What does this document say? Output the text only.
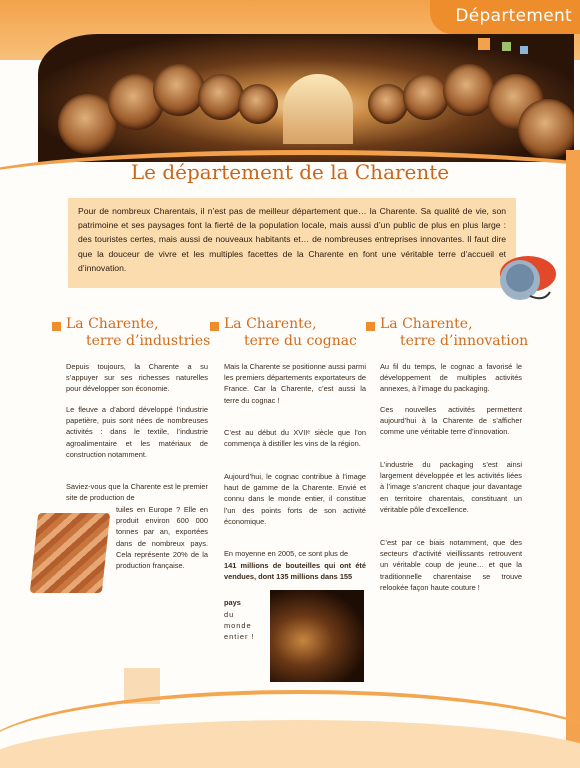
Département
Le département de la Charente
Pour de nombreux Charentais, il n’est pas de meilleur département que… la Charente. Sa qualité de vie, son patrimoine et ses paysages font la fierté de la population locale, mais aussi d’un public de plus en plus large : des touristes certes, mais aussi de nouveaux habitants et… de nombreuses entreprises innovantes. Il faut dire que la douceur de vivre et les multiples facettes de la Charente en font une véritable terre d’accueil et d’innovation.
La Charente,
terre d’industries

Depuis toujours, la Charente a su s’appuyer sur ses richesses naturelles pour développer son économie.

Le fleuve a d’abord développé l’industrie papetière, puis sont nées de nombreuses activités : dans le textile, l’industrie agroalimentaire et les matériaux de construction notamment.

Saviez-vous que la Charente est le premier site de production de

tuiles en Europe ? Elle en produit environ 600 000 tonnes par an, exportées dans de nombreux pays. Cela représente 20% de la production française.

La Charente,
terre du cognac

Mais la Charente se positionne aussi parmi les premiers départements exportateurs de France. Car la Charente, c’est aussi la terre du cognac !

C’est au début du XVIIᵉ siècle que l’on commença à distiller les vins de la région.

Aujourd’hui, le cognac contribue à l’image haut de gamme de la Charente. Envié et connu dans le monde entier, il constitue l’un des points forts de son activité économique.

En moyenne en 2005, ce sont plus de

141 millions de bouteilles qui ont été vendues, dont 135 millions dans 155

pays

du monde entier !

La Charente,
terre d’innovation

Au fil du temps, le cognac a favorisé le développement de multiples activités annexes, à l’image du packaging.

Ces nouvelles activités permettent aujourd’hui à la Charente de s’afficher comme une véritable terre d’innovation.

L’industrie du packaging s’est ainsi largement développée et les activités liées à l’image s’ancrent chaque jour davantage en territoire charentais, constituant un véritable pôle d’excellence.

C’est par ce biais notamment, que des secteurs d’activité vieillissants retrouvent un véritable coup de jeune… et que la traditionnelle charentaise se trouve relookée façon haute couture !
